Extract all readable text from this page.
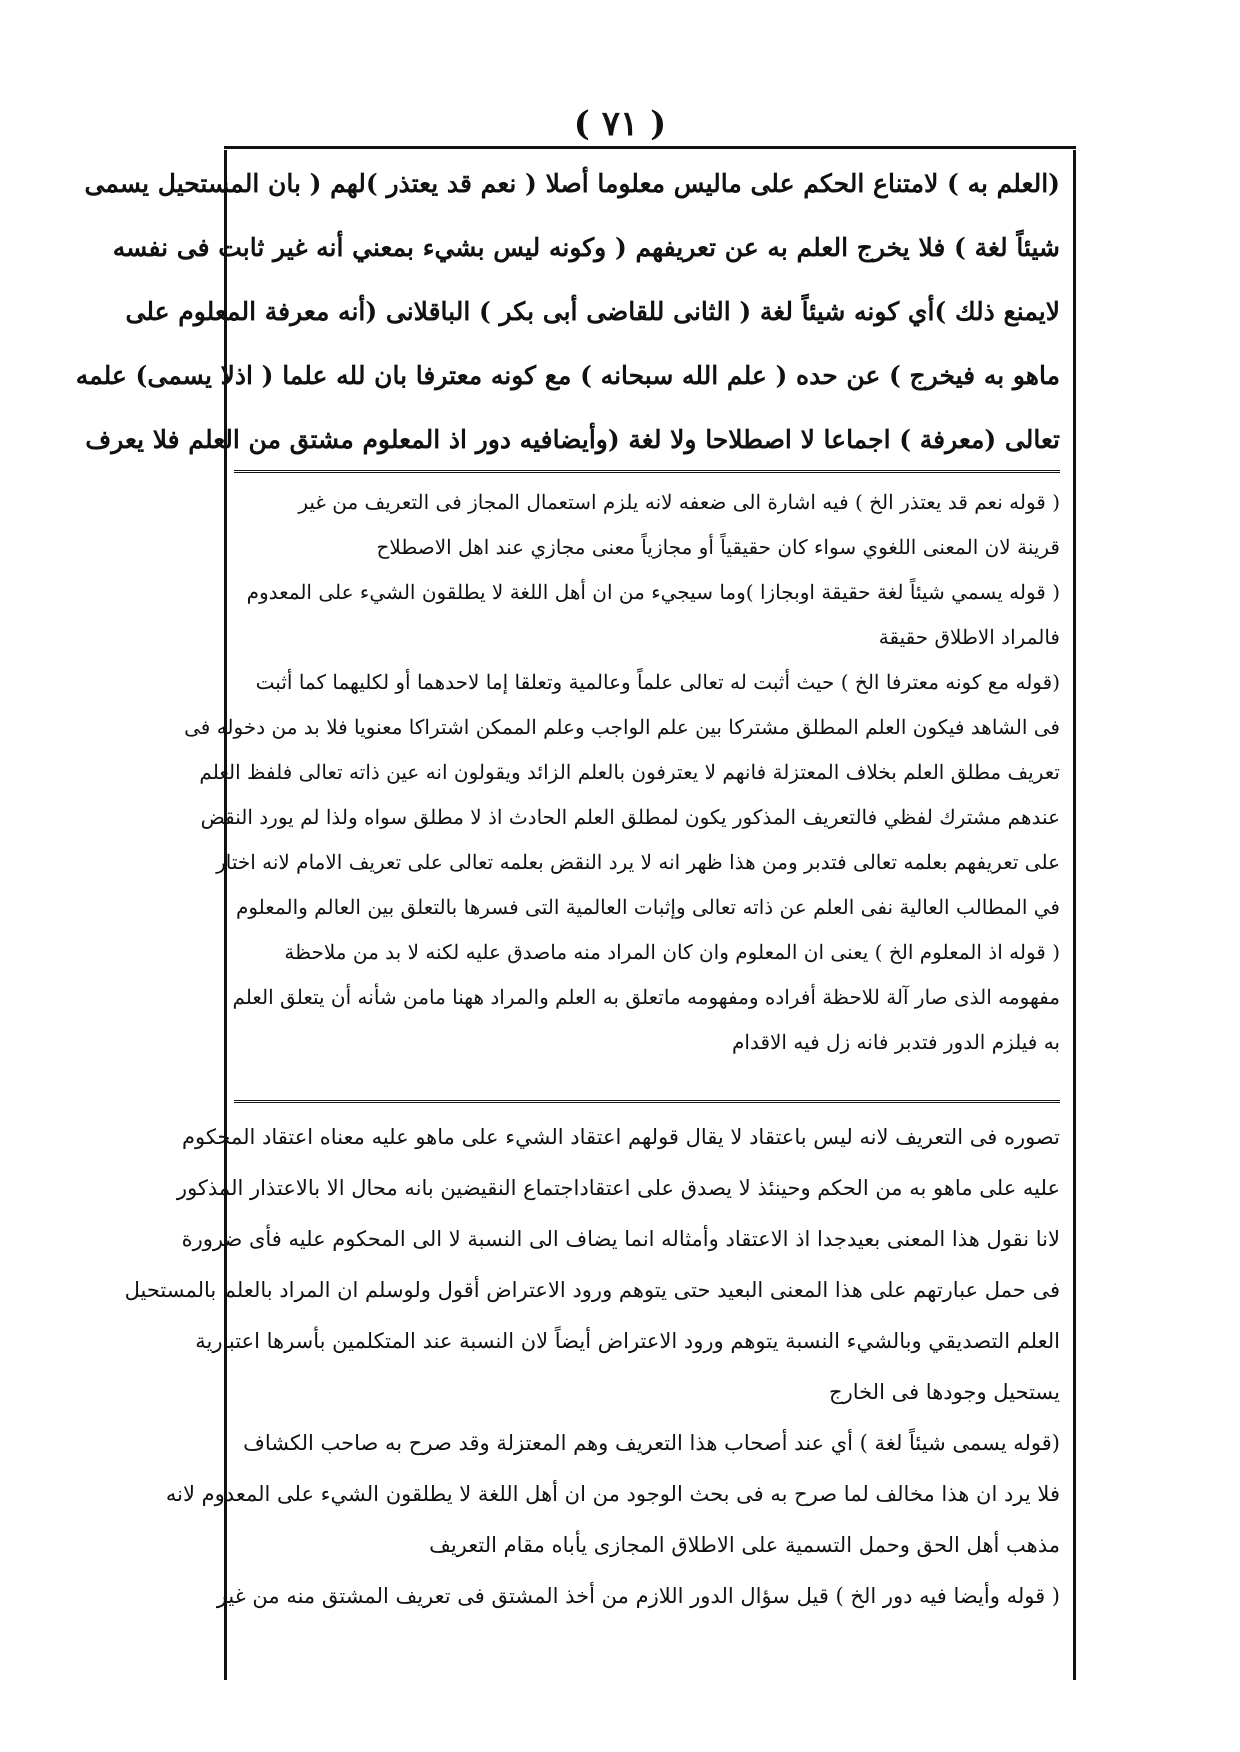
( ٧١ )
(العلم به ) لامتناع الحكم على ماليس معلوما أصلا ( نعم قد يعتذر )لهم ( بان المستحيل يسمى
شيئاً لغة ) فلا يخرج العلم به عن تعريفهم ( وكونه ليس بشيء بمعني أنه غير ثابت فى نفسه
لايمنع ذلك )أي كونه شيئاً لغة ( الثانى للقاضى أبى بكر ) الباقلانى (أنه معرفة المعلوم على
ماهو به فيخرج ) عن حده ( علم الله سبحانه ) مع كونه معترفا بان لله علما ( اذلا يسمى) علمه
تعالى (معرفة ) اجماعا لا اصطلاحا ولا لغة (وأيضافيه دور اذ المعلوم مشتق من العلم فلا يعرف
( قوله نعم قد يعتذر الخ ) فيه اشارة الى ضعفه لانه يلزم استعمال المجاز فى التعريف من غير
قرينة لان المعنى اللغوي سواء كان حقيقياً أو مجازياً معنى مجازي عند اهل الاصطلاح
( قوله يسمي شيئاً لغة حقيقة اوبجازا )وما سيجيء من ان أهل اللغة لا يطلقون الشيء على المعدوم
فالمراد الاطلاق حقيقة
(قوله مع كونه معترفا الخ ) حيث أثبت له تعالى علماً وعالمية وتعلقا إما لاحدهما أو لكليهما كما أثبت
فى الشاهد فيكون العلم المطلق مشتركا بين علم الواجب وعلم الممكن اشتراكا معنويا فلا بد من دخوله فى
تعريف مطلق العلم بخلاف المعتزلة فانهم لا يعترفون بالعلم الزائد ويقولون انه عين ذاته تعالى فلفظ العلم
عندهم مشترك لفظي فالتعريف المذكور يكون لمطلق العلم الحادث اذ لا مطلق سواه ولذا لم يورد النقض
على تعريفهم بعلمه تعالى فتدبر ومن هذا ظهر انه لا يرد النقض بعلمه تعالى على تعريف الامام لانه اختار
في المطالب العالية نفى العلم عن ذاته تعالى وإثبات العالمية التى فسرها بالتعلق بين العالم والمعلوم
( قوله اذ المعلوم الخ ) يعنى ان المعلوم وان كان المراد منه ماصدق عليه لكنه لا بد من ملاحظة
مفهومه الذى صار آلة للاحظة أفراده ومفهومه ماتعلق به العلم والمراد ههنا مامن شأنه أن يتعلق العلم
به فيلزم الدور فتدبر فانه زل فيه الاقدام
تصوره فى التعريف لانه ليس باعتقاد لا يقال قولهم اعتقاد الشيء على ماهو عليه معناه اعتقاد المحكوم
عليه على ماهو به من الحكم وحينئذ لا يصدق على اعتقاداجتماع النقيضين بانه محال الا بالاعتذار المذكور
لانا نقول هذا المعنى بعيدجدا اذ الاعتقاد وأمثاله انما يضاف الى النسبة لا الى المحكوم عليه فأى ضرورة
فى حمل عبارتهم على هذا المعنى البعيد حتى يتوهم ورود الاعتراض أقول ولوسلم ان المراد بالعلم بالمستحيل
العلم التصديقي وبالشيء النسبة يتوهم ورود الاعتراض أيضاً لان النسبة عند المتكلمين بأسرها اعتبارية
يستحيل وجودها فى الخارج
(قوله يسمى شيئاً لغة ) أي عند أصحاب هذا التعريف وهم المعتزلة وقد صرح به صاحب الكشاف
فلا يرد ان هذا مخالف لما صرح به فى بحث الوجود من ان أهل اللغة لا يطلقون الشيء على المعدوم لانه
مذهب أهل الحق وحمل التسمية على الاطلاق المجازى يأباه مقام التعريف
( قوله وأيضا فيه دور الخ ) قيل سؤال الدور اللازم من أخذ المشتق فى تعريف المشتق منه من غير
